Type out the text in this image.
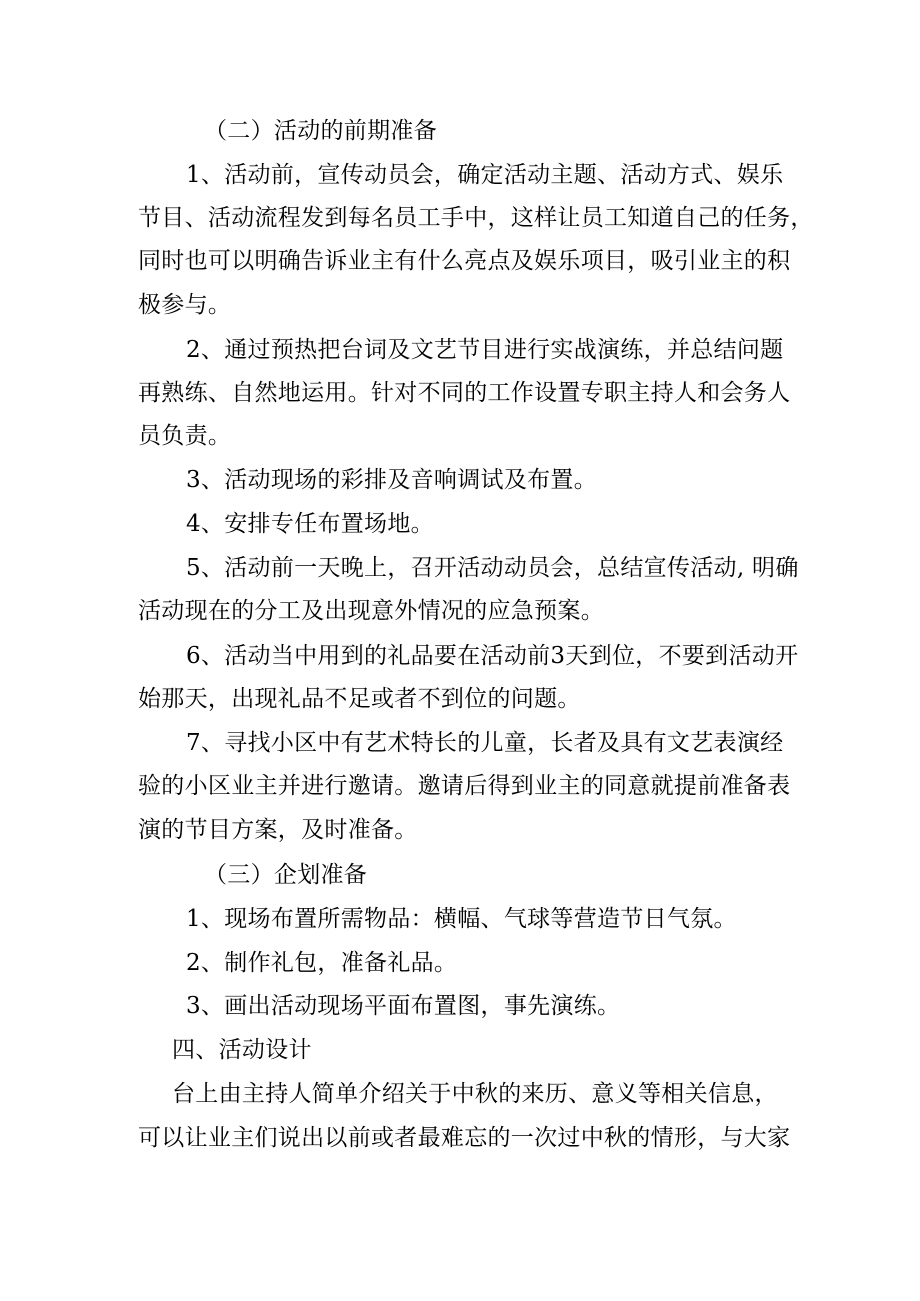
（二）活动的前期准备
1、活动前，宣传动员会，确定活动主题、活动方式、娱乐
节目、活动流程发到每名员工手中，这样让员工知道自己的任务，
同时也可以明确告诉业主有什么亮点及娱乐项目，吸引业主的积
极参与。
2、通过预热把台词及文艺节目进行实战演练，并总结问题
再熟练、自然地运用。针对不同的工作设置专职主持人和会务人
员负责。
3、活动现场的彩排及音响调试及布置。
4、安排专任布置场地。
5、活动前一天晚上，召开活动动员会，总结宣传活动, 明确
活动现在的分工及出现意外情况的应急预案。
6、活动当中用到的礼品要在活动前3天到位，不要到活动开
始那天，出现礼品不足或者不到位的问题。
7、寻找小区中有艺术特长的儿童，长者及具有文艺表演经
验的小区业主并进行邀请。邀请后得到业主的同意就提前准备表
演的节目方案，及时准备。
（三）企划准备
1、现场布置所需物品：横幅、气球等营造节日气氛。
2、制作礼包，准备礼品。
3、画出活动现场平面布置图，事先演练。
四、活动设计
台上由主持人简单介绍关于中秋的来历、意义等相关信息，
可以让业主们说出以前或者最难忘的一次过中秋的情形，与大家
